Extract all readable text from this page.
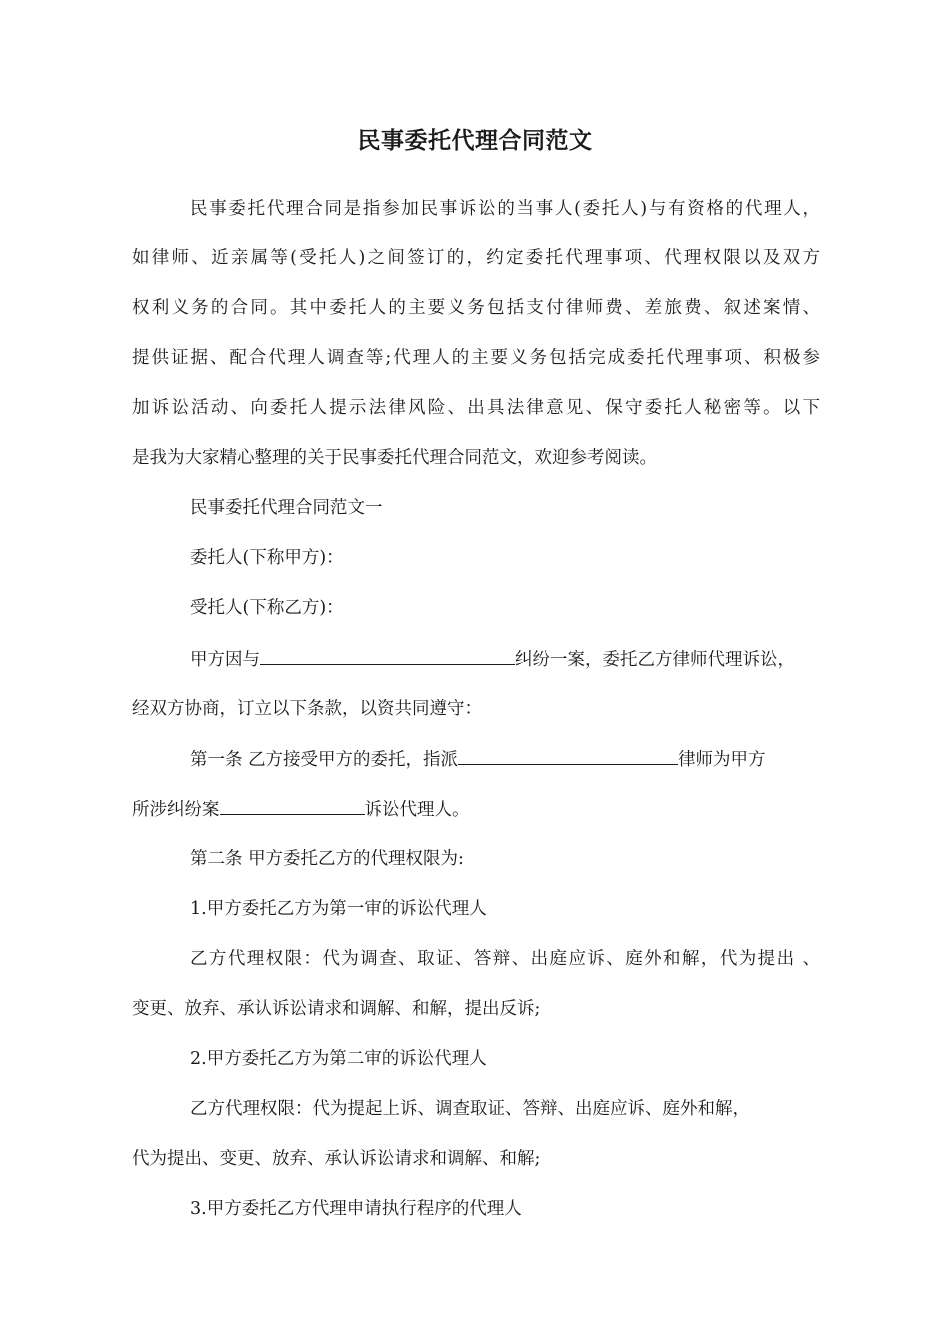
民事委托代理合同范文
民事委托代理合同是指参加民事诉讼的当事人(委托人)与有资格的代理人，
如律师、近亲属等(受托人)之间签订的，约定委托代理事项、代理权限以及双方
权利义务的合同。其中委托人的主要义务包括支付律师费、差旅费、叙述案情、
提供证据、配合代理人调查等;代理人的主要义务包括完成委托代理事项、积极参
加诉讼活动、向委托人提示法律风险、出具法律意见、保守委托人秘密等。以下
是我为大家精心整理的关于民事委托代理合同范文，欢迎参考阅读。
民事委托代理合同范文一
委托人(下称甲方)：
受托人(下称乙方)：
甲方因与	纠纷一案，委托乙方律师代理诉讼，
经双方协商，订立以下条款，以资共同遵守：
第一条 乙方接受甲方的委托，指派	律师为甲方
所涉纠纷案	诉讼代理人。
第二条 甲方委托乙方的代理权限为:
1.甲方委托乙方为第一审的诉讼代理人
乙方代理权限：代为调查、取证、答辩、出庭应诉、庭外和解，代为提出 、
变更、放弃、承认诉讼请求和调解、和解，提出反诉;
2.甲方委托乙方为第二审的诉讼代理人
乙方代理权限：代为提起上诉、调查取证、答辩、出庭应诉、庭外和解，
代为提出、变更、放弃、承认诉讼请求和调解、和解;
3.甲方委托乙方代理申请执行程序的代理人
